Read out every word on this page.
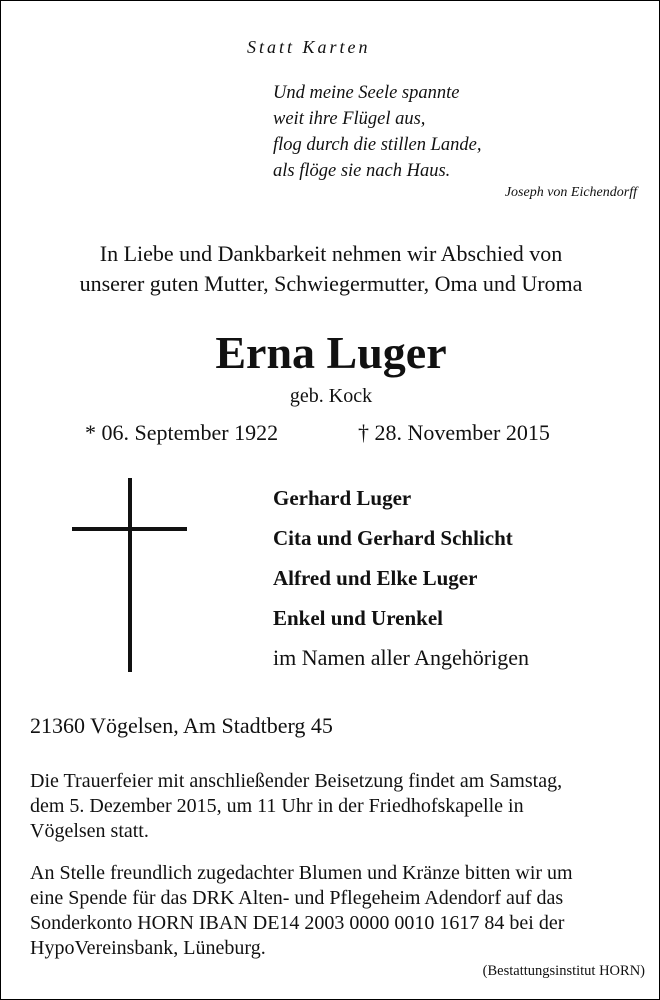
Statt Karten
Und meine Seele spannte
weit ihre Flügel aus,
flog durch die stillen Lande,
als flöge sie nach Haus.
Joseph von Eichendorff
In Liebe und Dankbarkeit nehmen wir Abschied von
unserer guten Mutter, Schwiegermutter, Oma und Uroma
Erna Luger
geb. Kock
* 06. September 1922	† 28. November 2015
Gerhard Luger
Cita und Gerhard Schlicht
Alfred und Elke Luger
Enkel und Urenkel
im Namen aller Angehörigen
21360 Vögelsen, Am Stadtberg 45
Die Trauerfeier mit anschließender Beisetzung findet am Samstag,
dem 5. Dezember 2015, um 11 Uhr in der Friedhofskapelle in
Vögelsen statt.
An Stelle freundlich zugedachter Blumen und Kränze bitten wir um
eine Spende für das DRK Alten- und Pflegeheim Adendorf auf das
Sonderkonto HORN IBAN DE14 2003 0000 0010 1617 84 bei der
HypoVereinsbank, Lüneburg.
(Bestattungsinstitut HORN)
